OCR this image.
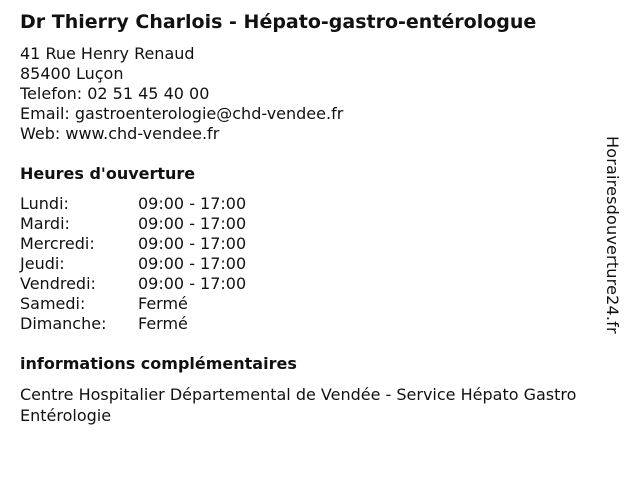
Dr Thierry Charlois - Hépato-gastro-entérologue
41 Rue Henry Renaud
85400 Luçon
Telefon: 02 51 45 40 00
Email: gastroenterologie@chd-vendee.fr
Web: www.chd-vendee.fr
Heures d'ouverture
Lundi:	09:00 - 17:00
Mardi:	09:00 - 17:00
Mercredi:	09:00 - 17:00
Jeudi:	09:00 - 17:00
Vendredi:	09:00 - 17:00
Samedi:	Fermé
Dimanche: Fermé
informations complémentaires

Centre Hospitalier Départemental de Vendée - Service Hépato Gastro Entérologie

Horairesdouverture24.fr
